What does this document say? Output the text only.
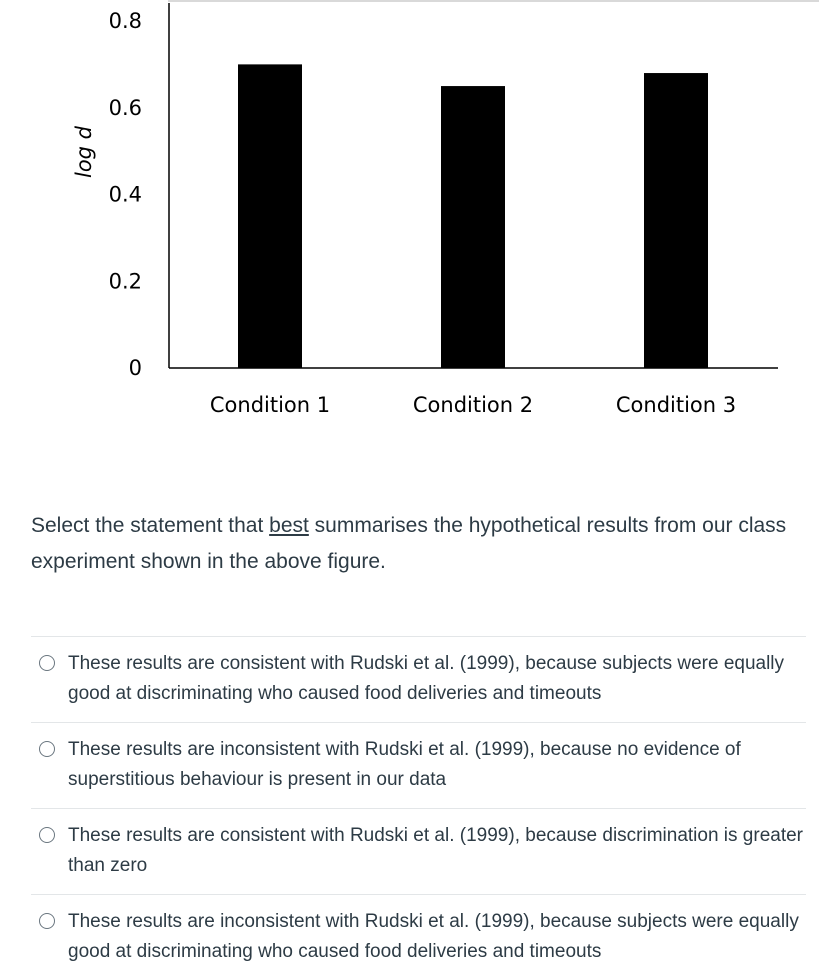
0
0.2
0.4
0.6
0.8
Condition 1	Condition 2	Condition 3
log d
Select the statement that best summarises the hypothetical results from our class experiment shown in the above figure.
These results are consistent with Rudski et al. (1999), because subjects were equally good at discriminating who caused food deliveries and timeouts
These results are inconsistent with Rudski et al. (1999), because no evidence of superstitious behaviour is present in our data
These results are consistent with Rudski et al. (1999), because discrimination is greater than zero
These results are inconsistent with Rudski et al. (1999), because subjects were equally good at discriminating who caused food deliveries and timeouts
